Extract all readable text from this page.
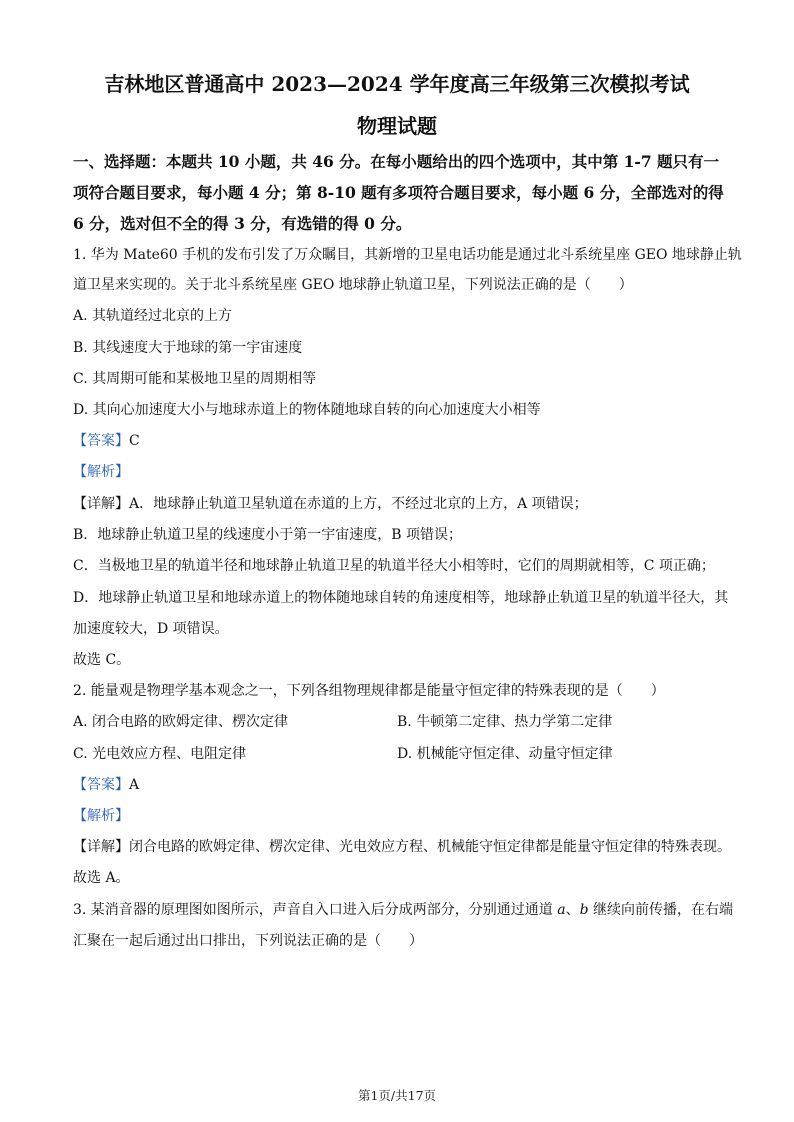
吉林地区普通高中 2023—2024 学年度高三年级第三次模拟考试
物理试题
一、选择题：本题共 10 小题，共 46 分。在每小题给出的四个选项中，其中第 1-7 题只有一
项符合题目要求，每小题 4 分；第 8-10 题有多项符合题目要求，每小题 6 分，全部选对的得
6 分，选对但不全的得 3 分，有选错的得 0 分。
1. 华为 Mate60 手机的发布引发了万众瞩目，其新增的卫星电话功能是通过北斗系统星座 GEO 地球静止轨
道卫星来实现的。关于北斗系统星座 GEO 地球静止轨道卫星，下列说法正确的是（　　）
A. 其轨道经过北京的上方
B. 其线速度大于地球的第一宇宙速度
C. 其周期可能和某极地卫星的周期相等
D. 其向心加速度大小与地球赤道上的物体随地球自转的向心加速度大小相等
【答案】C
【解析】
【详解】A．地球静止轨道卫星轨道在赤道的上方，不经过北京的上方，A 项错误；
B．地球静止轨道卫星的线速度小于第一宇宙速度，B 项错误；
C．当极地卫星的轨道半径和地球静止轨道卫星的轨道半径大小相等时，它们的周期就相等，C 项正确；
D．地球静止轨道卫星和地球赤道上的物体随地球自转的角速度相等，地球静止轨道卫星的轨道半径大，其
加速度较大，D 项错误。
故选 C。
2. 能量观是物理学基本观念之一，下列各组物理规律都是能量守恒定律的特殊表现的是（　　）
A. 闭合电路的欧姆定律、楞次定律	B. 牛顿第二定律、热力学第二定律
C. 光电效应方程、电阻定律	D. 机械能守恒定律、动量守恒定律
【答案】A
【解析】
【详解】闭合电路的欧姆定律、楞次定律、光电效应方程、机械能守恒定律都是能量守恒定律的特殊表现。
故选 A。
3. 某消音器的原理图如图所示，声音自入口进入后分成两部分，分别通过通道 a、b 继续向前传播，在右端
汇聚在一起后通过出口排出，下列说法正确的是（　　）
第1页/共17页
